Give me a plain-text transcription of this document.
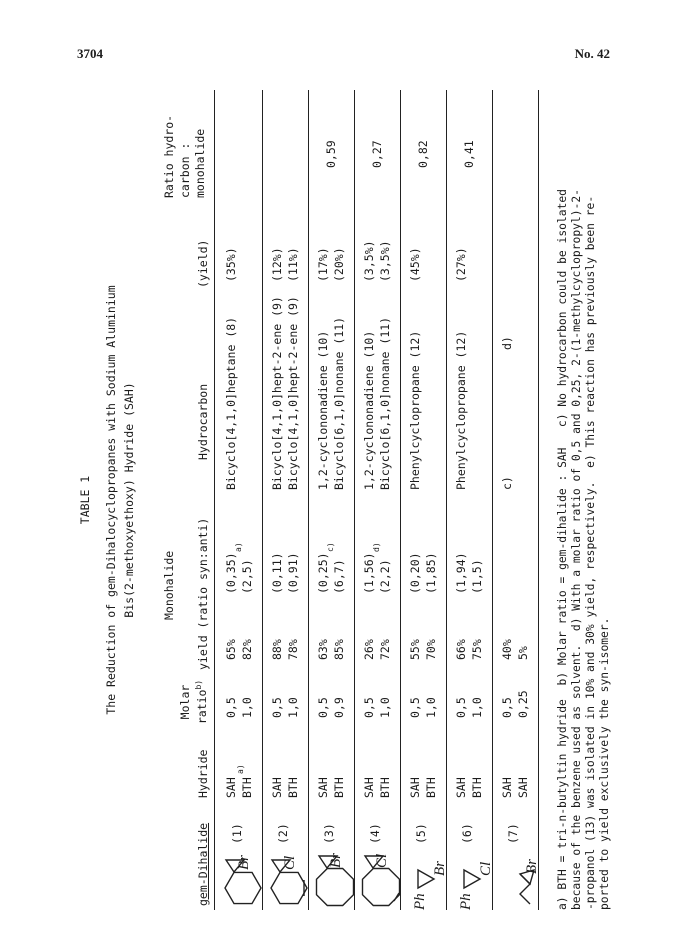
3704	No. 42
TABLE 1 The Reduction of gem-Dihalocyclopropanes with Sodium Aluminium Bis(2-methoxyethoxy) Hydride (SAH)
gem-Dihalide
Hydride
Molar ratio$^{b)}$
Monohalide yield (ratio syn:anti)
Hydrocarbon
(yield)
Ratio hydro- carbon : monohalide
Br
(1)
SAH BTH
a)
0,5 1,0
65% 82%
(0,35) (2,5)
a)
Bicyclo[4,1,0]heptane (8)
(35%)
Cl
(2)
SAH BTH
0,5 1,0
88% 78%
(0,11) (0,91)
Bicyclo[4,1,0]hept-2-ene (9)
(12%)
Bicyclo[4,1,0]hept-2-ene (9)
(11%)
Br
(3)
SAH BTH
0,5 0,9
63% 85%
(0,25) (6,7)
c)
1,2-cyclononadiene (10)
(17%)
Bicyclo[6,1,0]nonane (11)
(20%)
0,59
Cl
(4)
SAH BTH
0,5 1,0
26% 72%
(1,56) (2,2)
d)
1,2-cyclononadiene (10)
(3,5%)
Bicyclo[6,1,0]nonane (11)
(3,5%)
0,27
Ph
Br
(5)
SAH BTH
0,5 1,0
55% 70%
(0,20) (1,85)
Phenylcyclopropane (12)
(45%)
0,82
Ph
Cl
(6)
SAH BTH
0,5 1,0
66% 75%
(1,94) (1,5)
Phenylcyclopropane (12)
(27%)
0,41
Br
(7)
SAH SAH
0,5 0,25
40% 5%
c)
d)	a) BTH = tri-n-butyltin hydride  b) Molar ratio = gem-dihalide : SAH   c) No hydrocarbon could be isolated because of the benzene used as solvent.  d) With a molar ratio of 0,5 and 0,25, 2-(1-methylcyclopropyl)-2- -propanol (13) was isolated in 10% and 30% yield, respectively.  e) This reaction has previously been re- ported to yield exclusively the syn-isomer.
